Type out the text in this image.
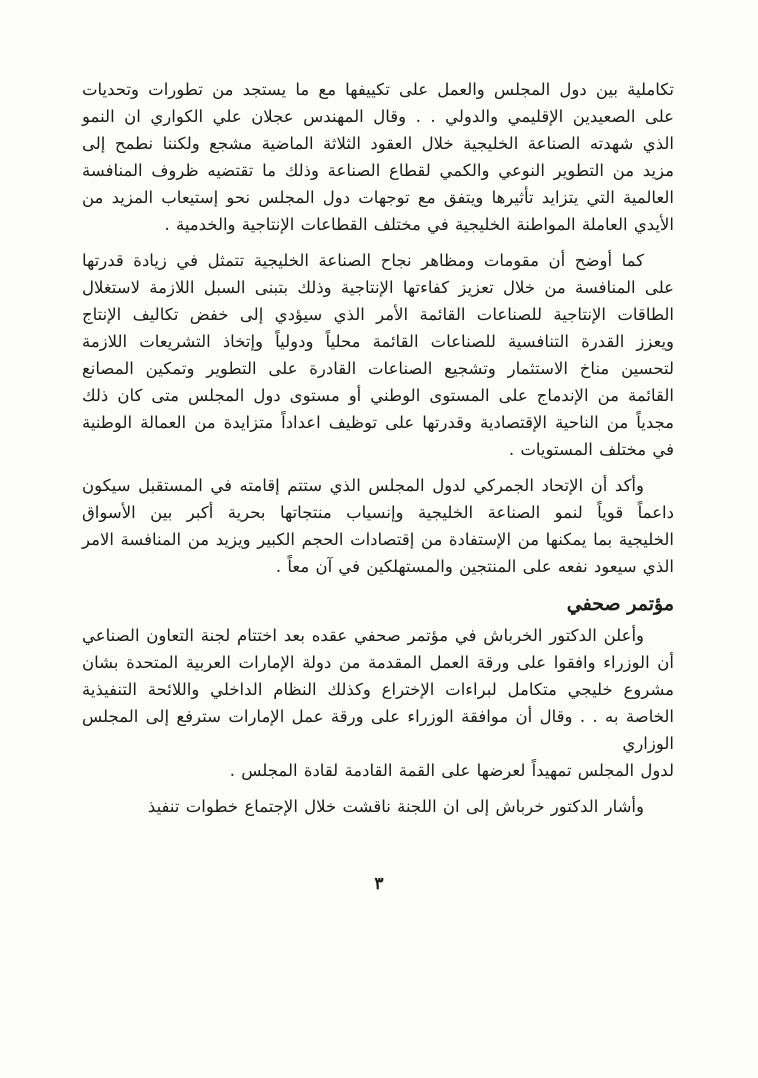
تكاملية بين دول المجلس والعمل على تكييفها مع ما يستجد من تطورات وتحديات
على الصعيدين الإقليمي والدولي . . وقال المهندس عجلان علي الكواري ان النمو
الذي شهدته الصناعة الخليجية خلال العقود الثلاثة الماضية مشجع ولكننا نطمح إلى
مزيد من التطوير النوعي والكمي لقطاع الصناعة وذلك ما تقتضيه ظروف المنافسة
العالمية التي يتزايد تأثيرها ويتفق مع توجهات دول المجلس نحو إستيعاب المزيد من
الأيدي العاملة المواطنة الخليجية في مختلف القطاعات الإنتاجية والخدمية .
كما أوضح أن مقومات ومظاهر نجاح الصناعة الخليجية تتمثل في زيادة قدرتها
على المنافسة من خلال تعزيز كفاءتها الإنتاجية وذلك بتبنى السبل اللازمة لاستغلال
الطاقات الإنتاجية للصناعات القائمة الأمر الذي سيؤدي إلى خفض تكاليف الإنتاج
ويعزز القدرة التنافسية للصناعات القائمة محلياً ودولياً وإتخاذ التشريعات اللازمة
لتحسين مناخ الاستثمار وتشجيع الصناعات القادرة على التطوير وتمكين المصانع
القائمة من الإندماج على المستوى الوطني أو مستوى دول المجلس متى كان ذلك
مجدياً من الناحية الإقتصادية وقدرتها على توظيف اعداداً متزايدة من العمالة الوطنية
في مختلف المستويات .
وأكد أن الإتحاد الجمركي لدول المجلس الذي ستتم إقامته في المستقبل سيكون
داعماً قوياً لنمو الصناعة الخليجية وإنسياب منتجاتها بحرية أكبر بين الأسواق
الخليجية بما يمكنها من الإستفادة من إقتصادات الحجم الكبير ويزيد من المنافسة الامر
الذي سيعود نفعه على المنتجين والمستهلكين في آن معاً .
مؤتمر صحفي
وأعلن الدكتور الخرباش في مؤتمر صحفي عقده بعد اختتام لجنة التعاون الصناعي
أن الوزراء وافقوا على ورقة العمل المقدمة من دولة الإمارات العربية المتحدة بشان
مشروع خليجي متكامل لبراءات الإختراع وكذلك النظام الداخلي واللائحة التنفيذية
الخاصة به . . وقال أن موافقة الوزراء على ورقة عمل الإمارات سترفع إلى المجلس الوزاري
لدول المجلس تمهيداً لعرضها على القمة القادمة لقادة المجلس .
وأشار الدكتور خرباش إلى ان اللجنة ناقشت خلال الإجتماع خطوات تنفيذ
٣
